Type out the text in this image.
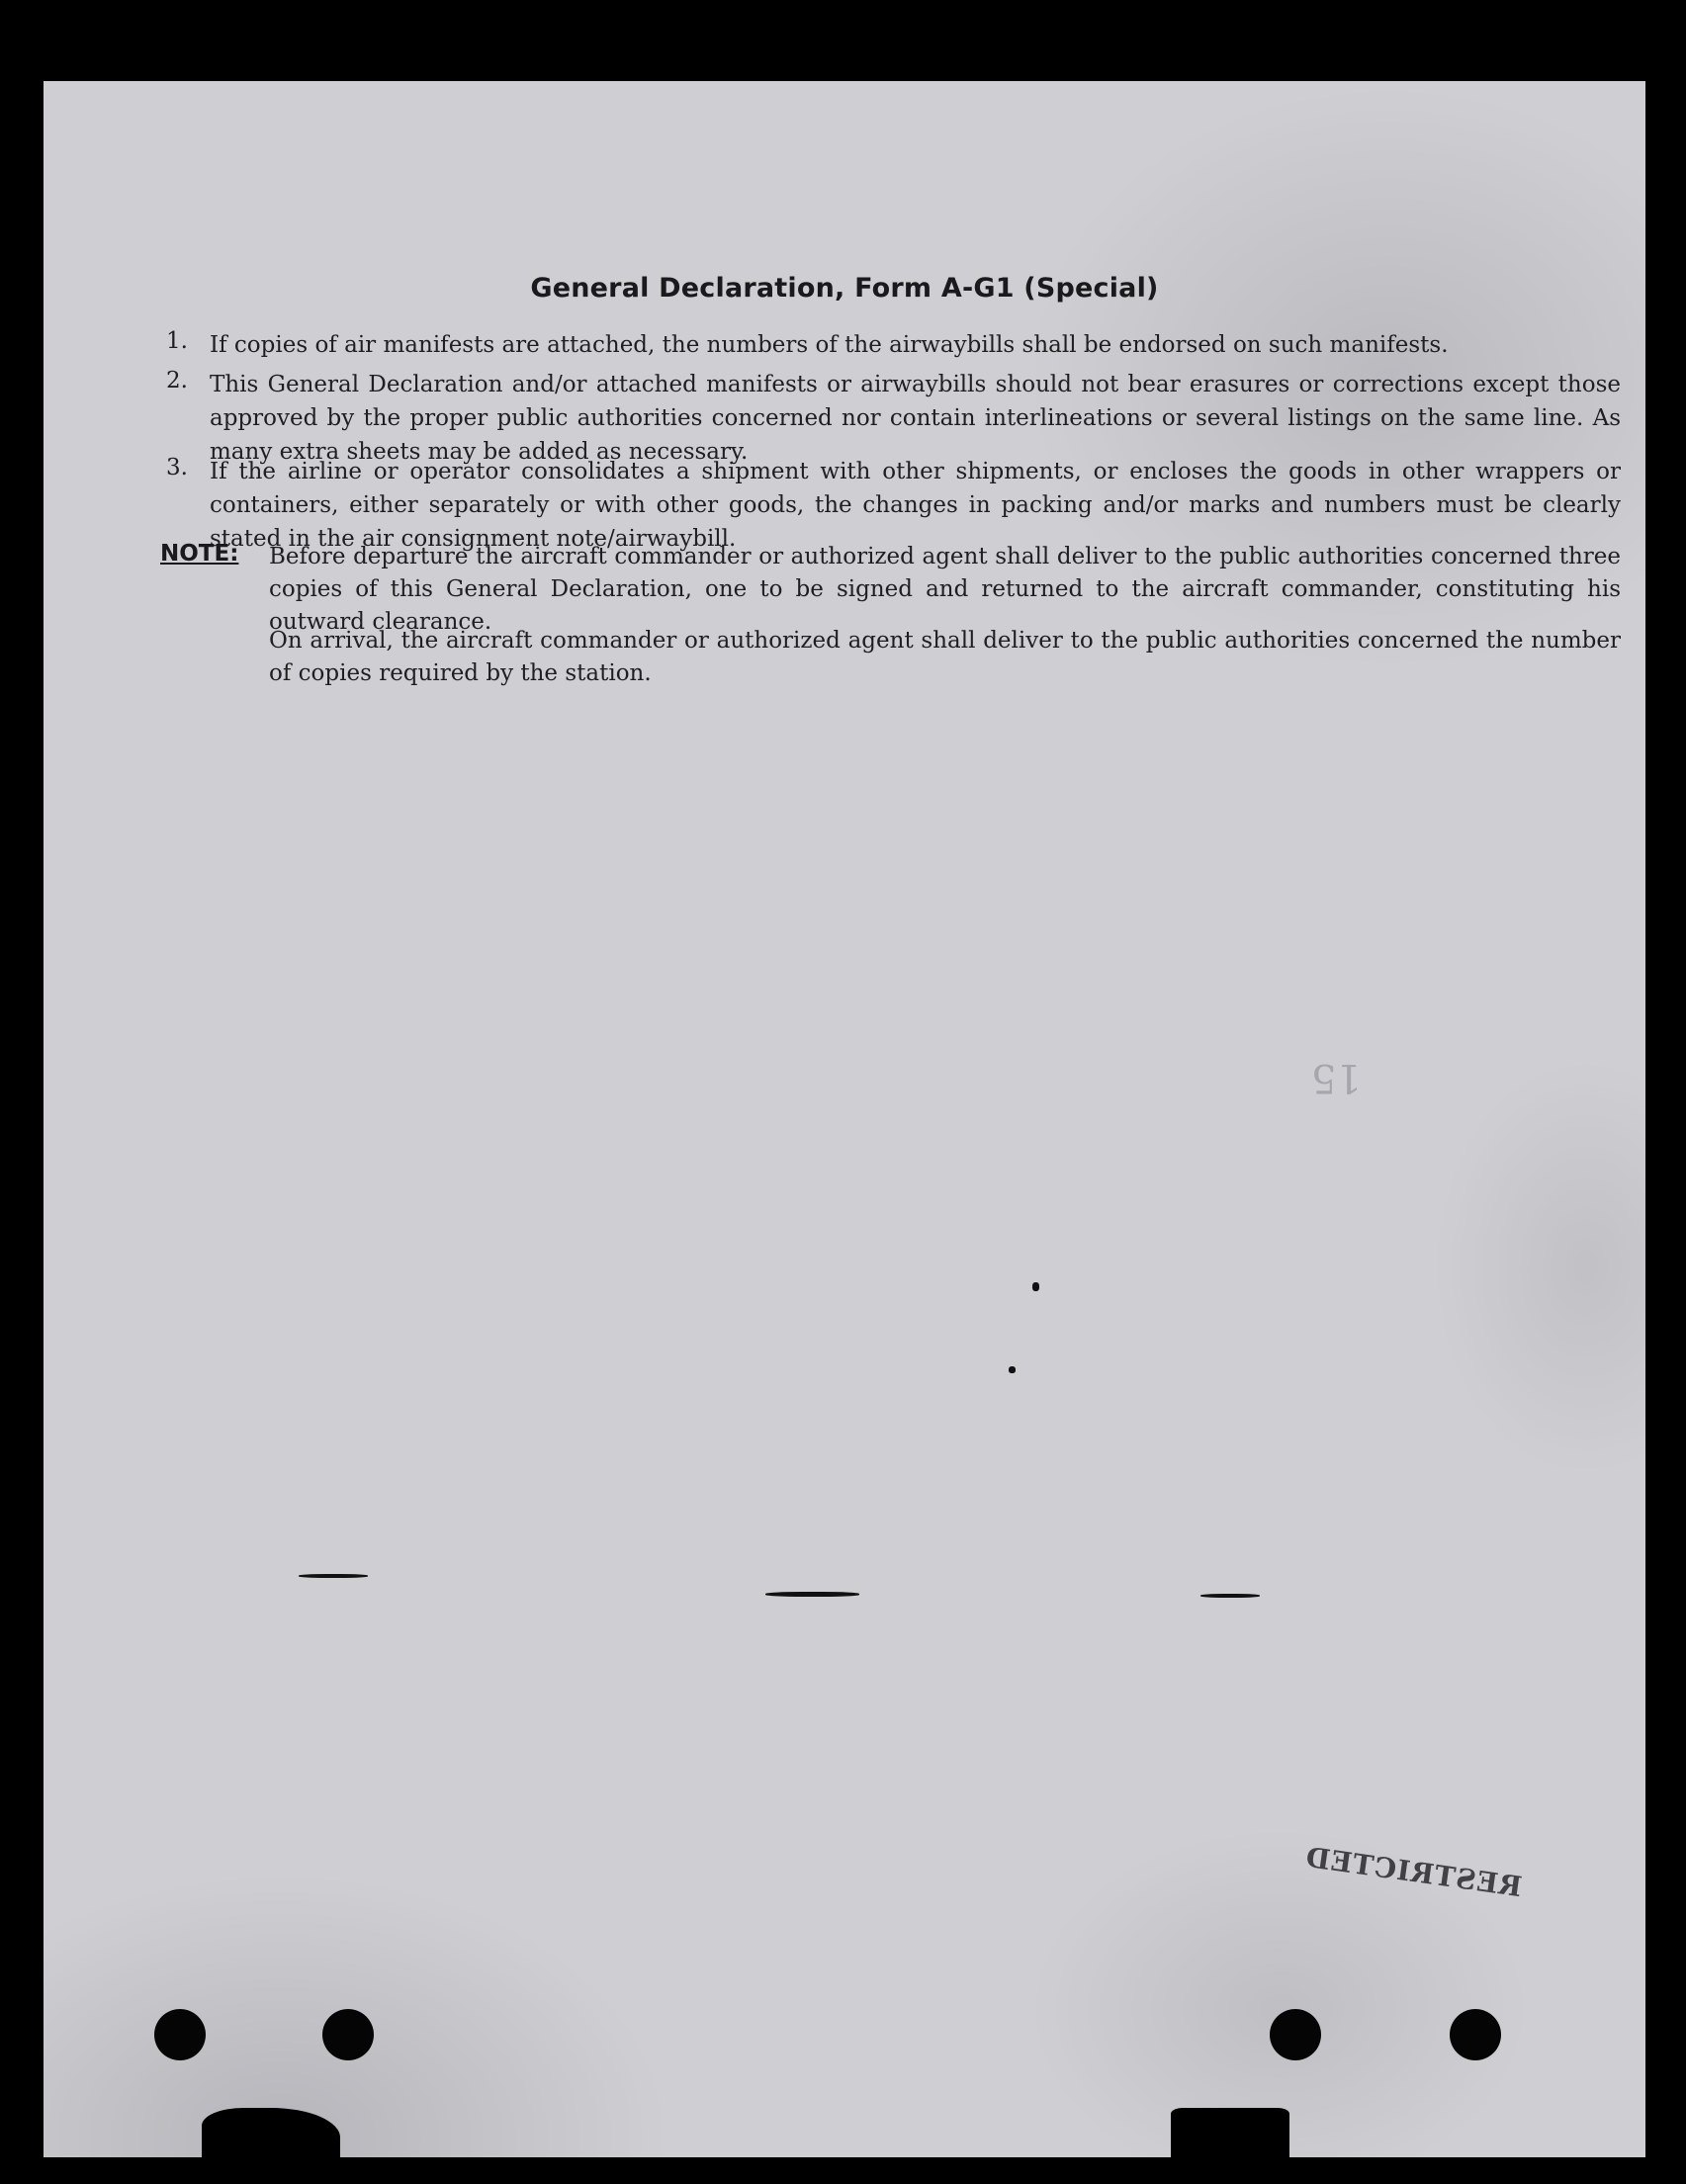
General Declaration, Form A-G1 (Special)
1. If copies of air manifests are attached, the numbers of the airwaybills shall be endorsed on such manifests.
2. This General Declaration and/or attached manifests or airwaybills should not bear erasures or corrections except those approved by the proper public authorities concerned nor contain interlineations or several listings on the same line. As many extra sheets may be added as necessary.
3. If the airline or operator consolidates a shipment with other shipments, or encloses the goods in other wrappers or containers, either separately or with other goods, the changes in packing and/or marks and numbers must be clearly stated in the air consignment note/airwaybill.
NOTE: Before departure the aircraft commander or authorized agent shall deliver to the public authorities concerned three copies of this General Declaration, one to be signed and returned to the aircraft commander, constituting his outward clearance.
On arrival, the aircraft commander or authorized agent shall deliver to the public authorities concerned the number of copies required by the station.
15
RESTRICTED
